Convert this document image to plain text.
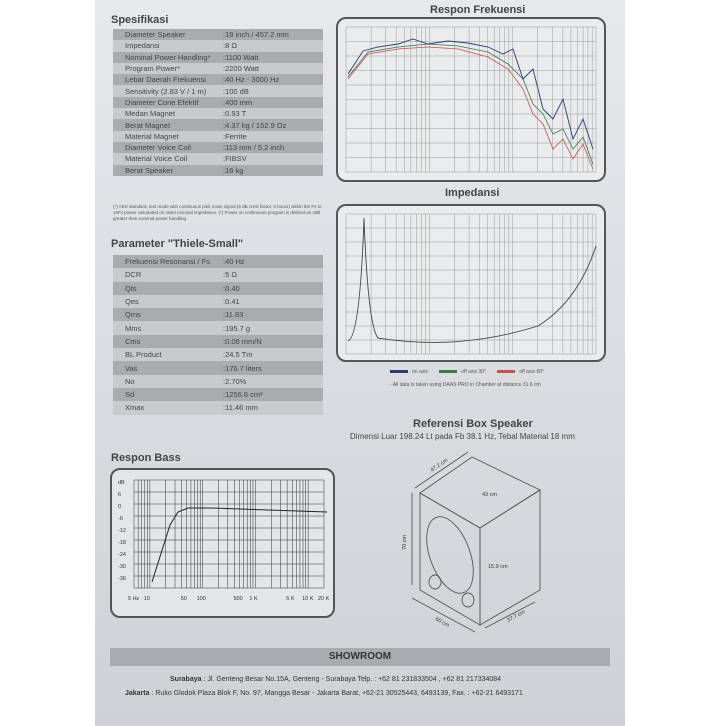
Spesifikasi
Diameter Speaker	:18 inch / 457.2 mm
Impedansi	:8 Ω
Nominal Power Handling*	:1100 Watt
Program Power*	:2200 Watt
Lebar Daerah Frekuensi	:40 Hz - 3000 Hz
Sensitivity (2.83 V / 1 m)	:100 dB
Diameter Cone Efektif	:400 mm
Medan Magnet	:0.93 T
Berat Magnet	:4.37 kg / 152.9 Oz
Material Magnet	:Ferrite
Diameter Voice Coil	:113 mm / 5.2 inch
Material Voice Coil	:FIBSV
Berat Speaker	:16 kg
(*) AES standard, test mode with continuous pink noise signal (6 dB crest factor, 2 hours) within the Fs to 10Fs power calculated on rated nominal impedance. (*) Power on continuous program is defined as 3dB greater than nominal power handling.
Parameter "Thiele-Small"
Frekuensi Resonansi / Fs	:40 Hz
DCR	:5 Ω
Qts	:0.40
Qes	:0.41
Qms	:11.83
Mms	:195.7 g
Cms	:0.08 mm/N
BL Product	:24.5 Tm
Vas	:176.7 liters
No	:2.70%
Sd	:1256.6 cm²
Xmax	:11.46 mm
Respon Frekuensi
Impedansi
on axis	off axis 30°	off axis 60°
- All data is taken using DAAS PRO in Chamber at distance 31.6 cm
Referensi Box Speaker
Dimensi Luar 198.24 Lt pada Fb 38.1 Hz, Tebal Material 18 mm
47.2 cm
70 cm
60 cm
43 cm
15.9 cm
37.7 cm
Respon Bass
dB
6
0
-6
-12
-18
-24
-30
-36
5 Hz 10	50 100	500 1 K	5 K 10 K 20 K
SHOWROOM
Surabaya : Jl. Genteng Besar No.15A, Genteng - Surabaya Telp. : +62 81 231833504 , +62 81 217334084
Jakarta : Ruko Glodok Plaza Blok F, No. 97, Mangga Besar - Jakarta Barat, +62-21 30525443, 6493139, Fax. : +62-21 6493171
